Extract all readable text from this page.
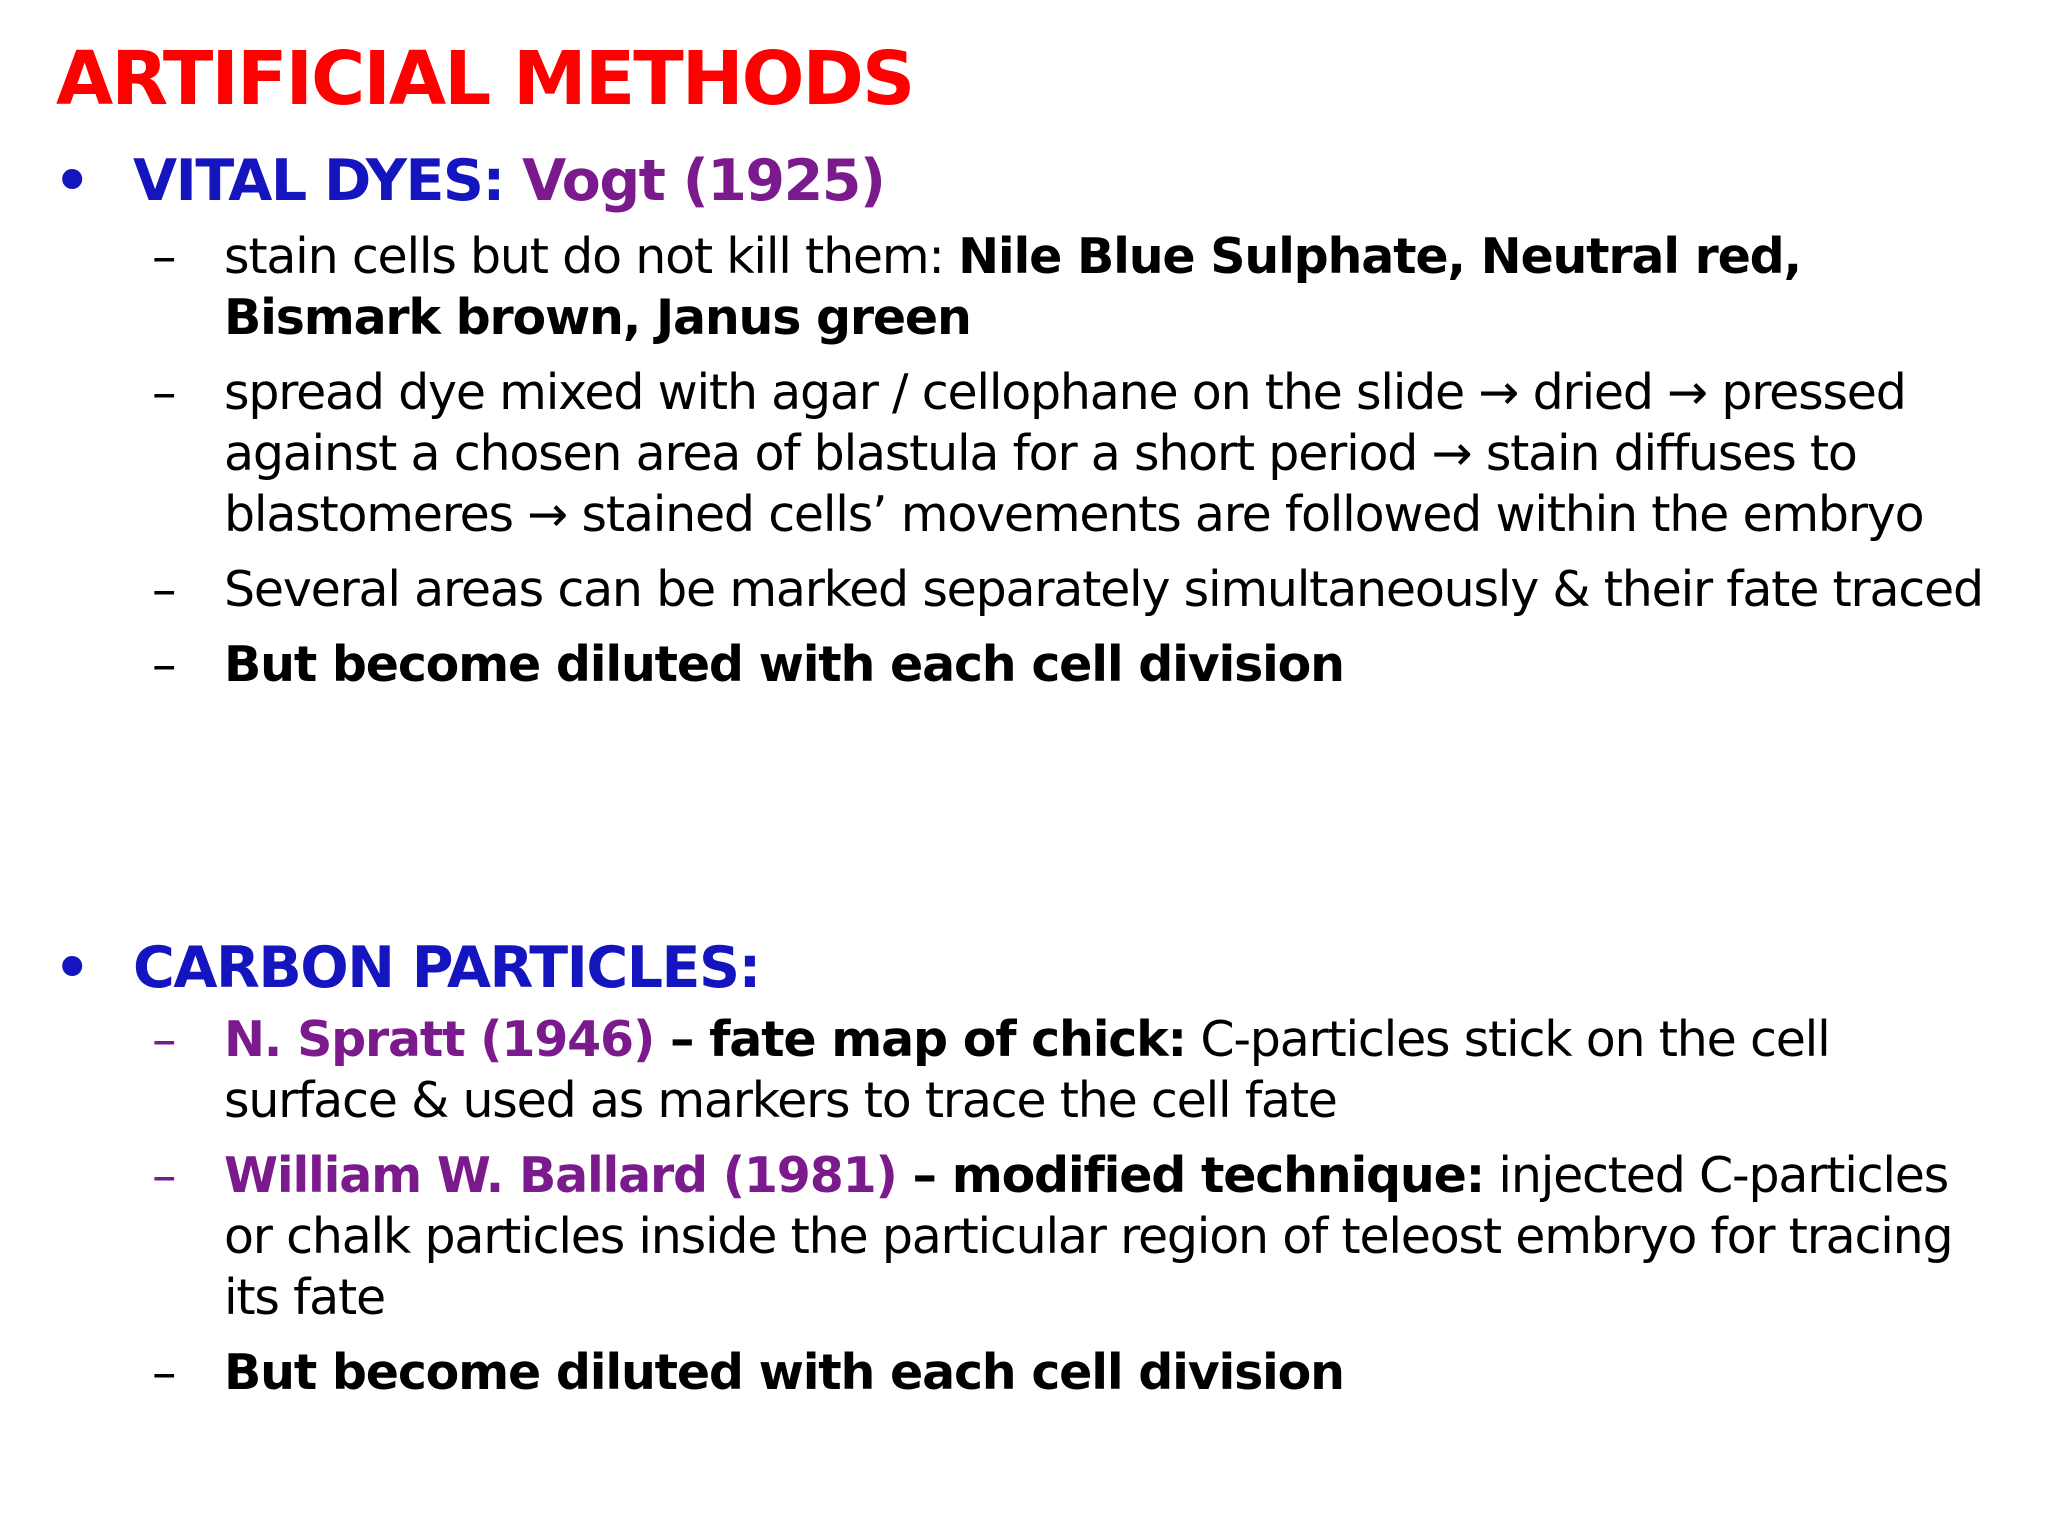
ARTIFICIAL METHODS
• VITAL DYES: Vogt (1925)
– stain cells but do not kill them: Nile Blue Sulphate, Neutral red, Bismark brown, Janus green
– spread dye mixed with agar / cellophane on the slide → dried → pressed against a chosen area of blastula for a short period → stain diffuses to blastomeres → stained cells’ movements are followed within the embryo
– Several areas can be marked separately simultaneously & their fate traced
– But become diluted with each cell division
• CARBON PARTICLES:
– N. Spratt (1946) – fate map of chick: C-particles stick on the cell surface & used as markers to trace the cell fate
– William W. Ballard (1981) – modified technique: injected C-particles or chalk particles inside the particular region of teleost embryo for tracing its fate
– But become diluted with each cell division
